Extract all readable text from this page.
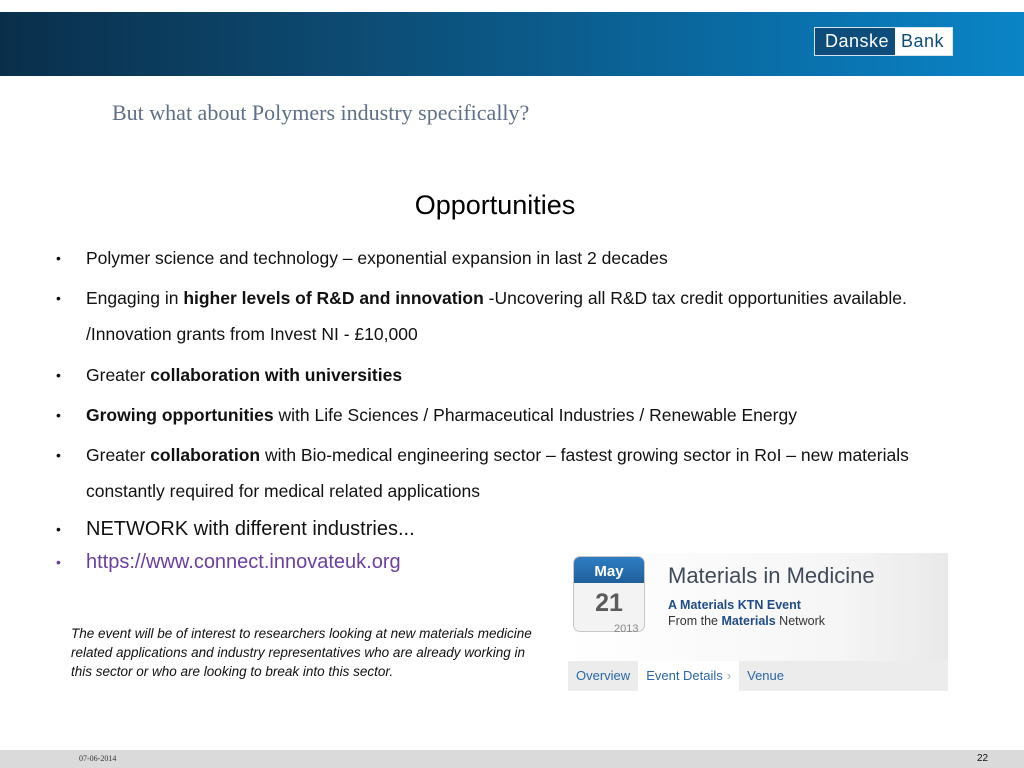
Danske Bank
But what about Polymers industry specifically?
Opportunities
• Polymer science and technology – exponential expansion in last 2 decades
• Engaging in higher levels of R&D and innovation -Uncovering all R&D tax credit opportunities available. /Innovation grants from Invest NI - £10,000
• Greater collaboration with universities
• Growing opportunities with Life Sciences / Pharmaceutical Industries / Renewable Energy
• Greater collaboration with Bio-medical engineering sector – fastest growing sector in RoI – new materials constantly required for medical related applications
• NETWORK with different industries...
• https://www.connect.innovateuk.org
The event will be of interest to researchers looking at new materials medicine related applications and industry representatives who are already working in this sector or who are looking to break into this sector.
May
21
2013
Materials in Medicine
A Materials KTN Event
From the Materials Network
Overview	Event Details ›	Venue
07-06-2014	22
